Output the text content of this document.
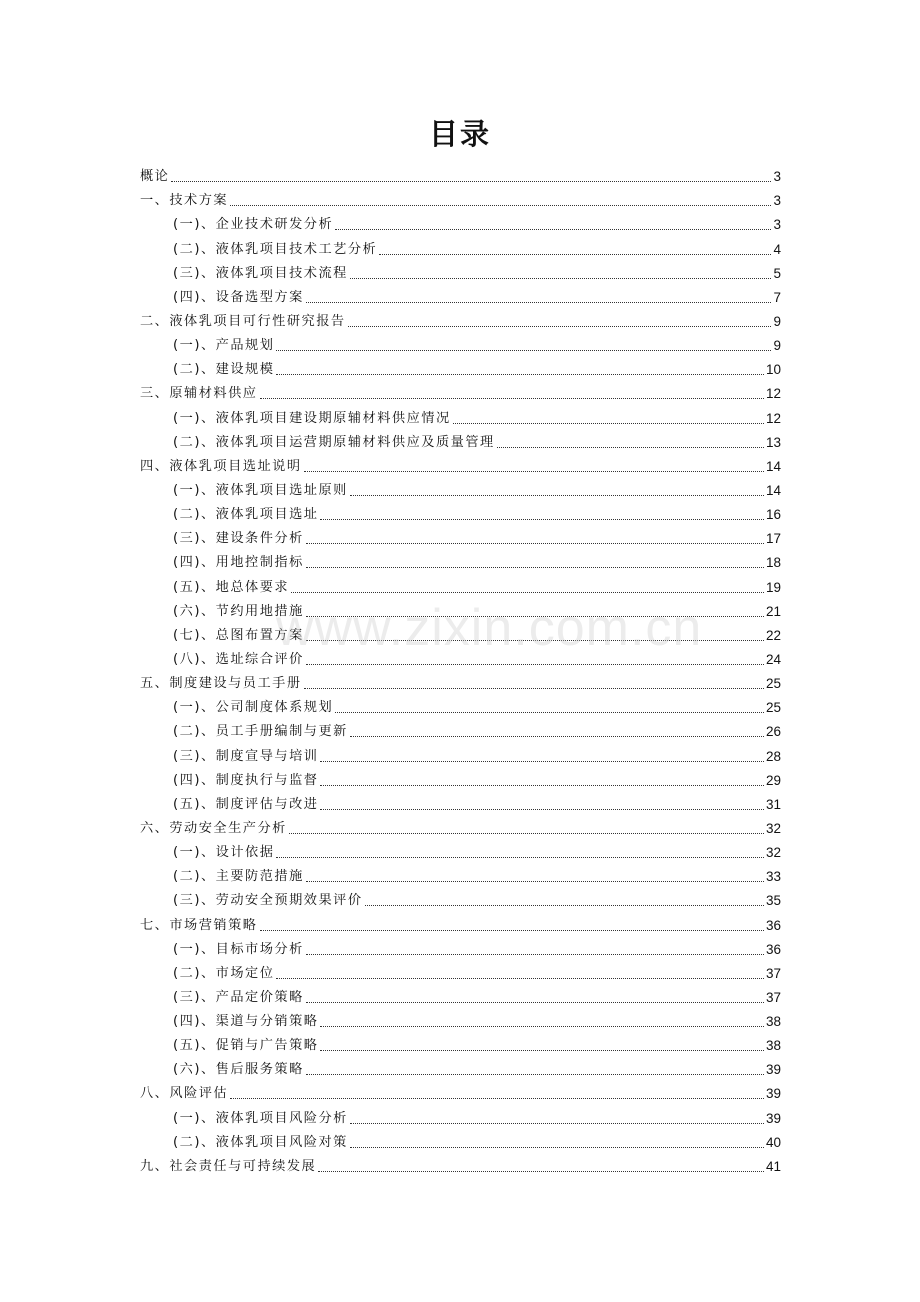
目录
概论	3
一、技术方案	3
(一)、企业技术研发分析	3
(二)、液体乳项目技术工艺分析	4
(三)、液体乳项目技术流程	5
(四)、设备选型方案	7
二、液体乳项目可行性研究报告	9
(一)、产品规划	9
(二)、建设规模	10
三、原辅材料供应	12
(一)、液体乳项目建设期原辅材料供应情况	12
(二)、液体乳项目运营期原辅材料供应及质量管理	13
四、液体乳项目选址说明	14
(一)、液体乳项目选址原则	14
(二)、液体乳项目选址	16
(三)、建设条件分析	17
(四)、用地控制指标	18
(五)、地总体要求	19
(六)、节约用地措施	21
(七)、总图布置方案	22
(八)、选址综合评价	24
五、制度建设与员工手册	25
(一)、公司制度体系规划	25
(二)、员工手册编制与更新	26
(三)、制度宣导与培训	28
(四)、制度执行与监督	29
(五)、制度评估与改进	31
六、劳动安全生产分析	32
(一)、设计依据	32
(二)、主要防范措施	33
(三)、劳动安全预期效果评价	35
七、市场营销策略	36
(一)、目标市场分析	36
(二)、市场定位	37
(三)、产品定价策略	37
(四)、渠道与分销策略	38
(五)、促销与广告策略	38
(六)、售后服务策略	39
八、风险评估	39
(一)、液体乳项目风险分析	39
(二)、液体乳项目风险对策	40
九、社会责任与可持续发展	41
www.zixin.com.cn
